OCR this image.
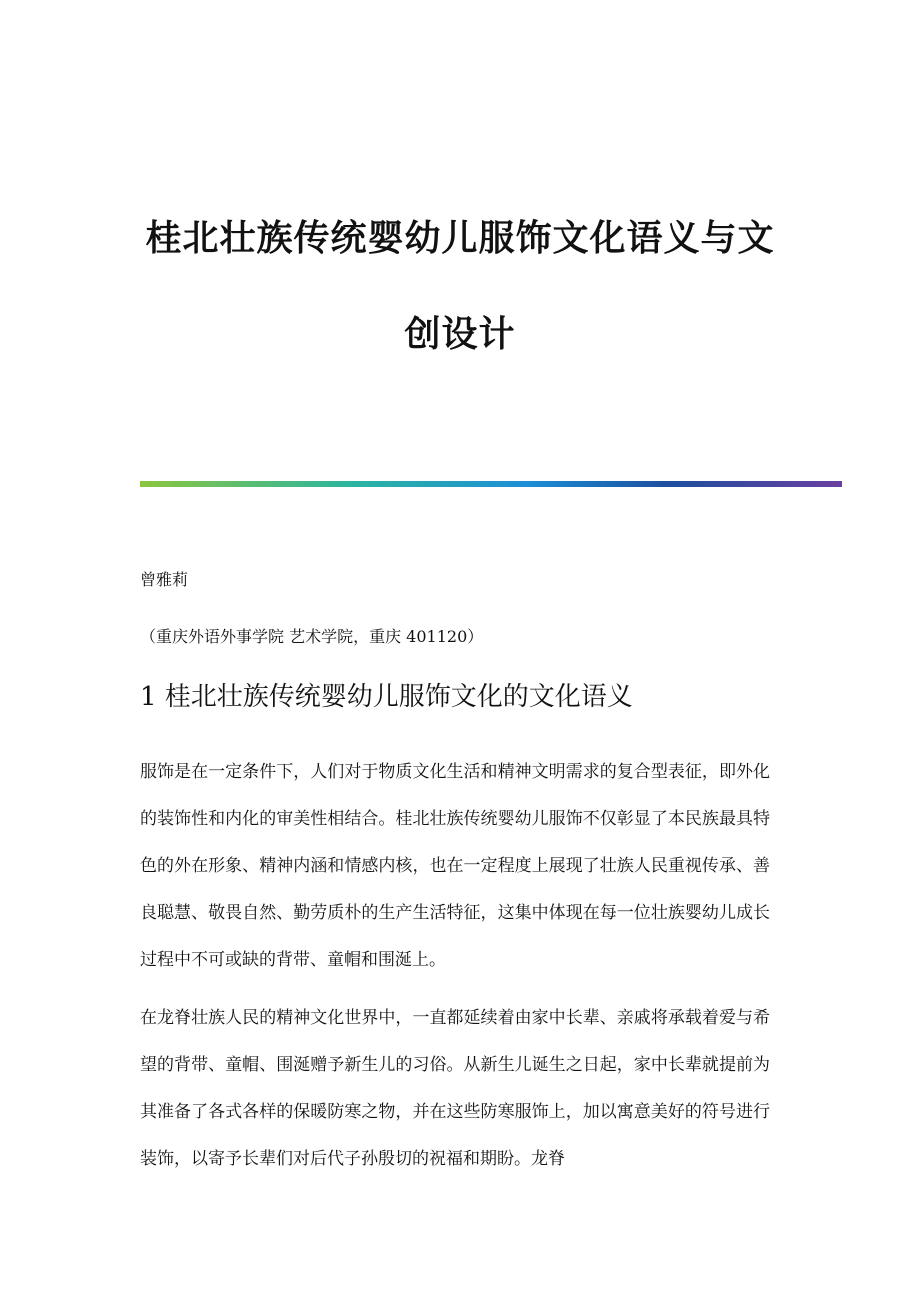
桂北壮族传统婴幼儿服饰文化语义与文
创设计

曾雅莉

（重庆外语外事学院 艺术学院，重庆 401120）

1 桂北壮族传统婴幼儿服饰文化的文化语义

服饰是在一定条件下，人们对于物质文化生活和精神文明需求的复合型表征，即外化的装饰性和内化的审美性相结合。桂北壮族传统婴幼儿服饰不仅彰显了本民族最具特色的外在形象、精神内涵和情感内核，也在一定程度上展现了壮族人民重视传承、善良聪慧、敬畏自然、勤劳质朴的生产生活特征，这集中体现在每一位壮族婴幼儿成长过程中不可或缺的背带、童帽和围涎上。

在龙脊壮族人民的精神文化世界中，一直都延续着由家中长辈、亲戚将承载着爱与希望的背带、童帽、围涎赠予新生儿的习俗。从新生儿诞生之日起，家中长辈就提前为其准备了各式各样的保暖防寒之物，并在这些防寒服饰上，加以寓意美好的符号进行装饰，以寄予长辈们对后代子孙殷切的祝福和期盼。龙脊
